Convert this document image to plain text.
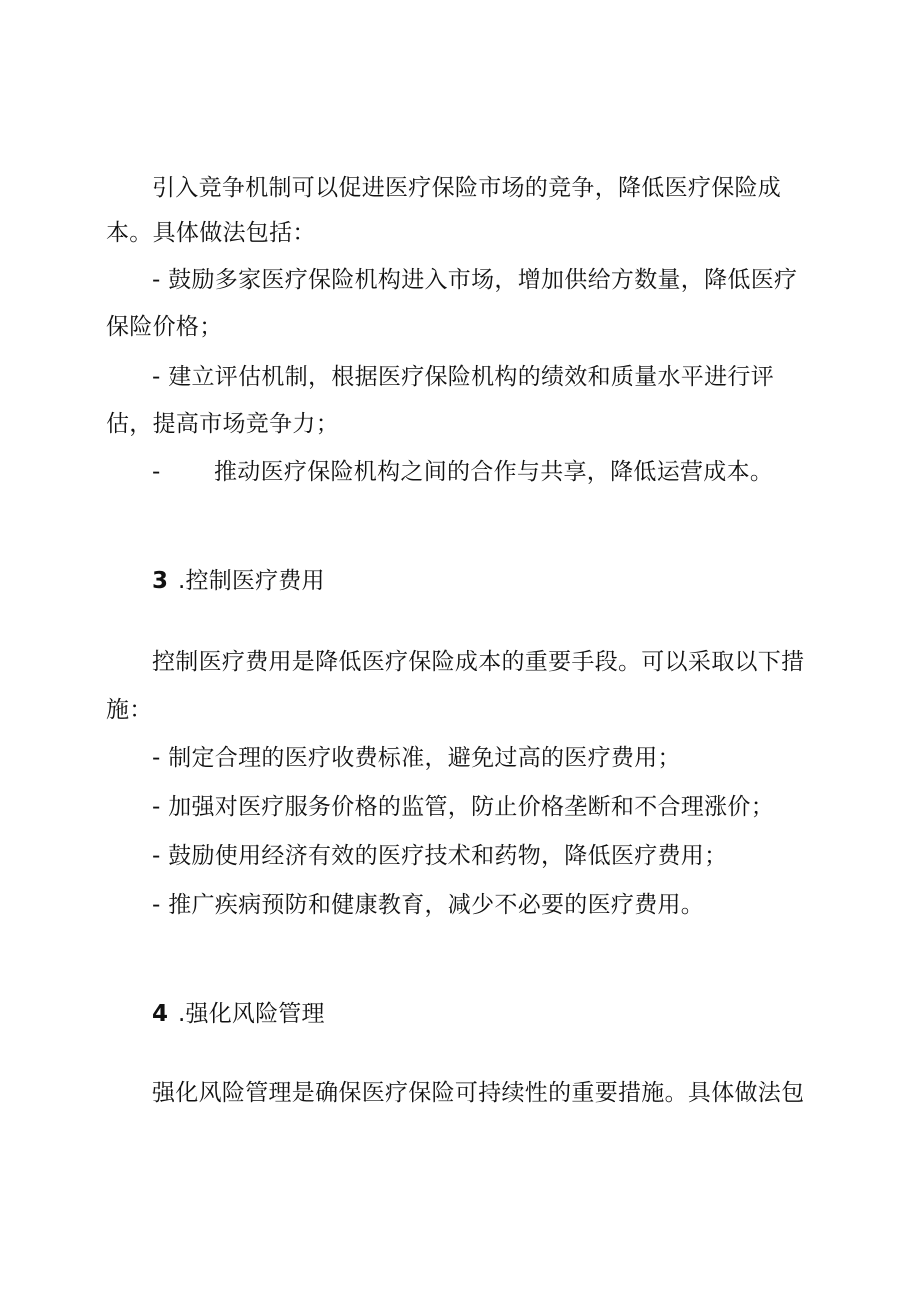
引入竞争机制可以促进医疗保险市场的竞争，降低医疗保险成
本。具体做法包括：
- 鼓励多家医疗保险机构进入市场，增加供给方数量，降低医疗
保险价格；
- 建立评估机制，根据医疗保险机构的绩效和质量水平进行评
估，提高市场竞争力；
- 推动医疗保险机构之间的合作与共享，降低运营成本。
3 .控制医疗费用
控制医疗费用是降低医疗保险成本的重要手段。可以采取以下措
施：
- 制定合理的医疗收费标准，避免过高的医疗费用；
- 加强对医疗服务价格的监管，防止价格垄断和不合理涨价；
- 鼓励使用经济有效的医疗技术和药物，降低医疗费用；
- 推广疾病预防和健康教育，减少不必要的医疗费用。
4 .强化风险管理
强化风险管理是确保医疗保险可持续性的重要措施。具体做法包
